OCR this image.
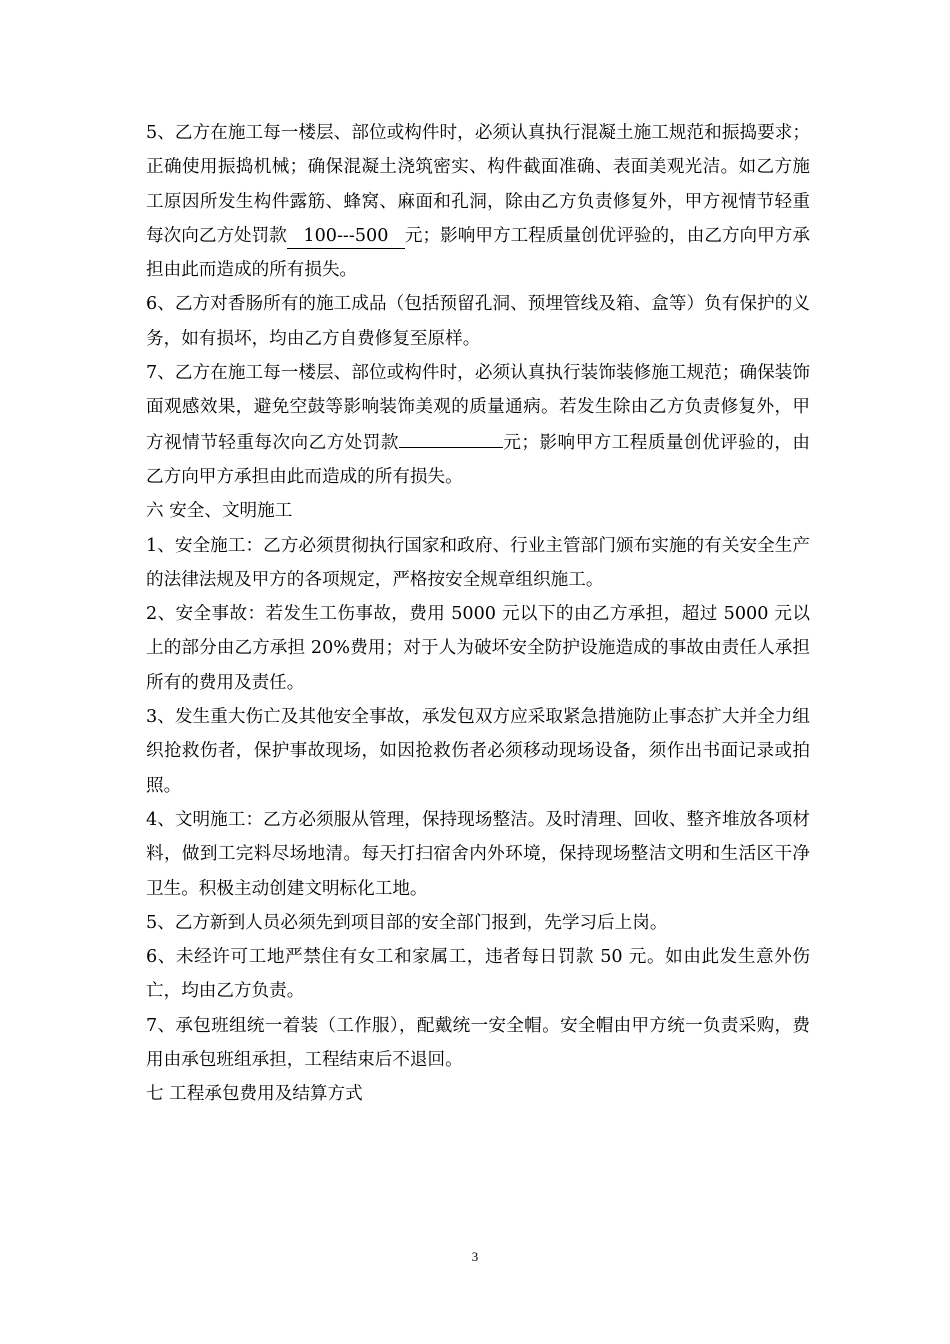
5、乙方在施工每一楼层、部位或构件时，必须认真执行混凝土施工规范和振捣要求；正确使用振捣机械；确保混凝土浇筑密实、构件截面准确、表面美观光洁。如乙方施工原因所发生构件露筋、蜂窝、麻面和孔洞，除由乙方负责修复外，甲方视情节轻重每次向乙方处罚款 100---500 元；影响甲方工程质量创优评验的，由乙方向甲方承担由此而造成的所有损失。

6、乙方对香肠所有的施工成品（包括预留孔洞、预埋管线及箱、盒等）负有保护的义务，如有损坏，均由乙方自费修复至原样。

7、乙方在施工每一楼层、部位或构件时，必须认真执行装饰装修施工规范；确保装饰面观感效果，避免空鼓等影响装饰美观的质量通病。若发生除由乙方负责修复外，甲方视情节轻重每次向乙方处罚款	元；影响甲方工程质量创优评验的，由乙方向甲方承担由此而造成的所有损失。

六 安全、文明施工

1、安全施工：乙方必须贯彻执行国家和政府、行业主管部门颁布实施的有关安全生产的法律法规及甲方的各项规定，严格按安全规章组织施工。

2、安全事故：若发生工伤事故，费用 5000 元以下的由乙方承担，超过 5000 元以上的部分由乙方承担 20%费用；对于人为破坏安全防护设施造成的事故由责任人承担所有的费用及责任。

3、发生重大伤亡及其他安全事故，承发包双方应采取紧急措施防止事态扩大并全力组织抢救伤者，保护事故现场，如因抢救伤者必须移动现场设备，须作出书面记录或拍照。

4、文明施工：乙方必须服从管理，保持现场整洁。及时清理、回收、整齐堆放各项材料，做到工完料尽场地清。每天打扫宿舍内外环境，保持现场整洁文明和生活区干净卫生。积极主动创建文明标化工地。

5、乙方新到人员必须先到项目部的安全部门报到，先学习后上岗。

6、未经许可工地严禁住有女工和家属工，违者每日罚款 50 元。如由此发生意外伤亡，均由乙方负责。

7、承包班组统一着装（工作服），配戴统一安全帽。安全帽由甲方统一负责采购，费用由承包班组承担，工程结束后不退回。

七 工程承包费用及结算方式

3
